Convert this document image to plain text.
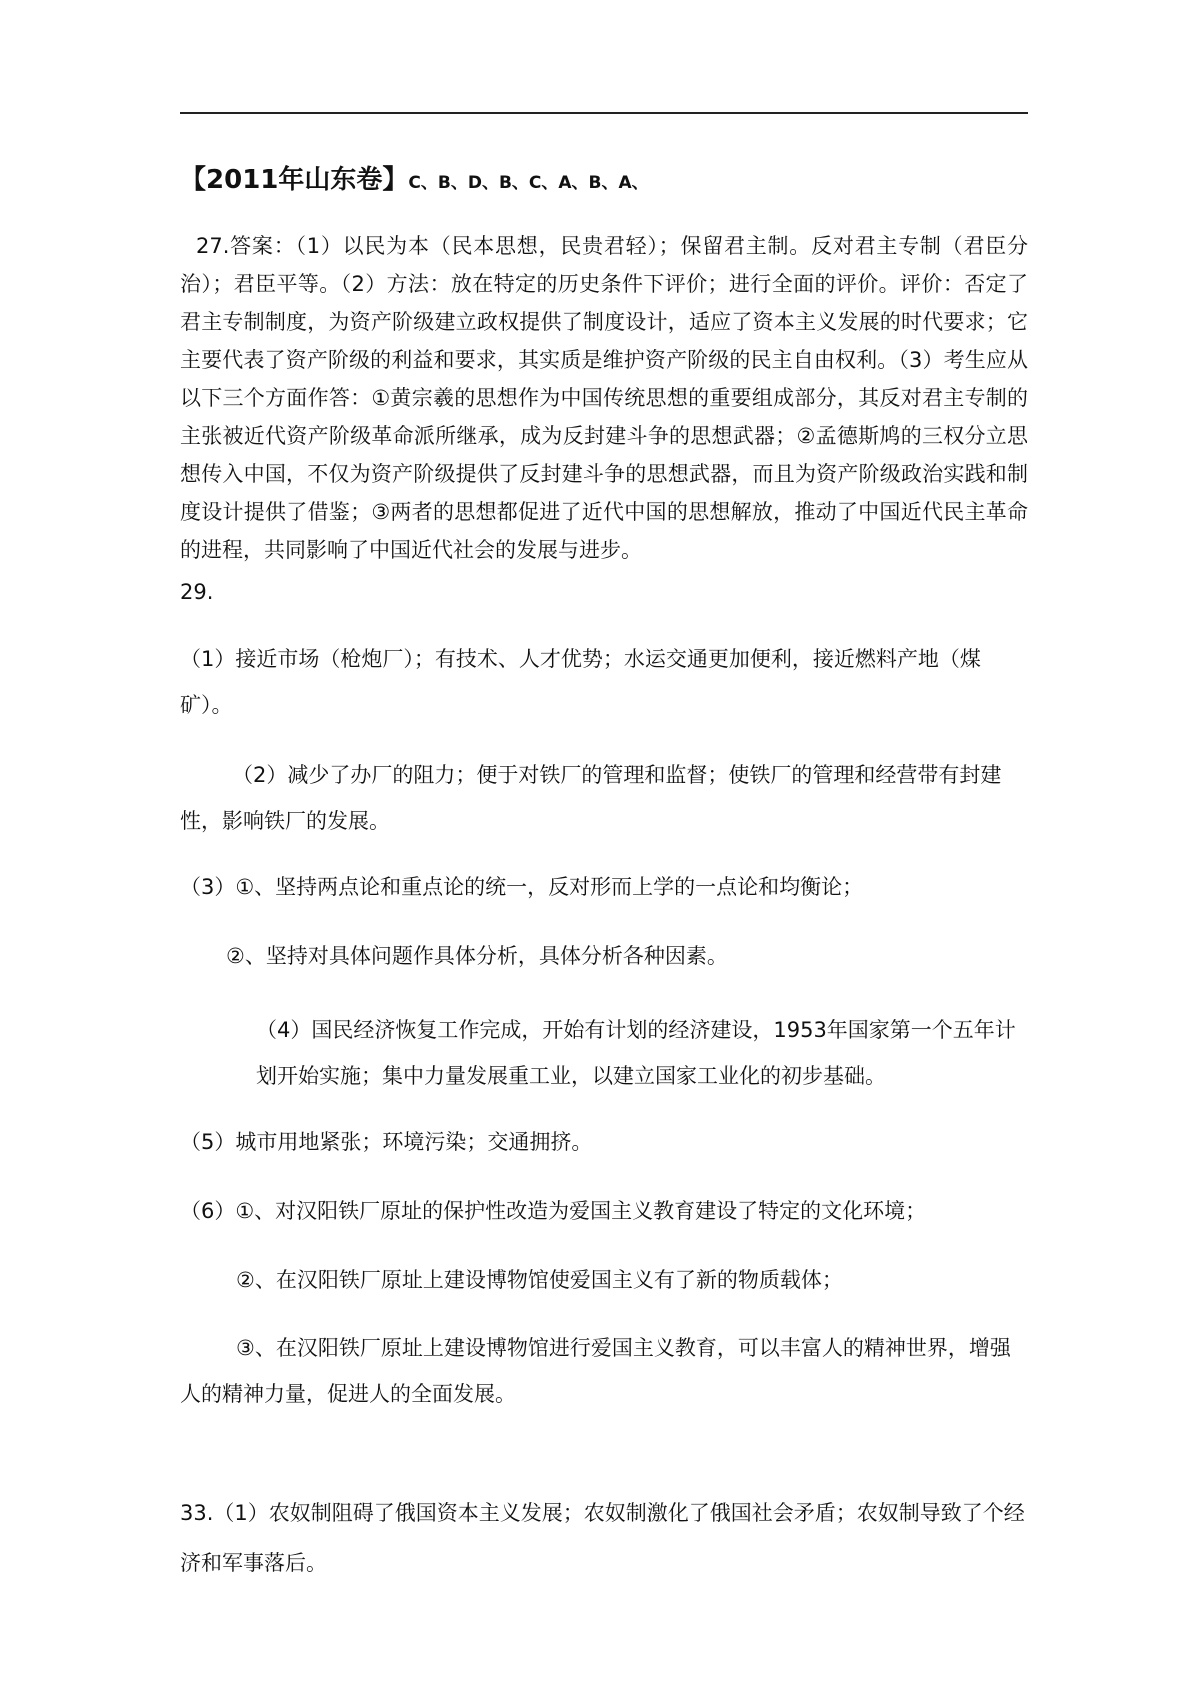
【2011年山东卷】C、B、D、B、C、A、B、A、

27.答案：（1）以民为本（民本思想，民贵君轻）；保留君主制。反对君主专制（君臣分治）；君臣平等。（2）方法：放在特定的历史条件下评价；进行全面的评价。评价：否定了君主专制制度，为资产阶级建立政权提供了制度设计，适应了资本主义发展的时代要求；它主要代表了资产阶级的利益和要求，其实质是维护资产阶级的民主自由权利。（3）考生应从以下三个方面作答：①黄宗羲的思想作为中国传统思想的重要组成部分，其反对君主专制的主张被近代资产阶级革命派所继承，成为反封建斗争的思想武器；②孟德斯鸠的三权分立思想传入中国，不仅为资产阶级提供了反封建斗争的思想武器，而且为资产阶级政治实践和制度设计提供了借鉴；③两者的思想都促进了近代中国的思想解放，推动了中国近代民主革命的进程，共同影响了中国近代社会的发展与进步。

29.

（1）接近市场（枪炮厂）；有技术、人才优势；水运交通更加便利，接近燃料产地（煤矿）。

（2）减少了办厂的阻力；便于对铁厂的管理和监督；使铁厂的管理和经营带有封建性，影响铁厂的发展。

（3）①、坚持两点论和重点论的统一，反对形而上学的一点论和均衡论；

②、坚持对具体问题作具体分析，具体分析各种因素。

（4）国民经济恢复工作完成，开始有计划的经济建设，1953年国家第一个五年计划开始实施；集中力量发展重工业，以建立国家工业化的初步基础。

（5）城市用地紧张；环境污染；交通拥挤。

（6）①、对汉阳铁厂原址的保护性改造为爱国主义教育建设了特定的文化环境；

②、在汉阳铁厂原址上建设博物馆使爱国主义有了新的物质载体；

③、在汉阳铁厂原址上建设博物馆进行爱国主义教育，可以丰富人的精神世界，增强人的精神力量，促进人的全面发展。

33.（1）农奴制阻碍了俄国资本主义发展；农奴制激化了俄国社会矛盾；农奴制导致了个经济和军事落后。
